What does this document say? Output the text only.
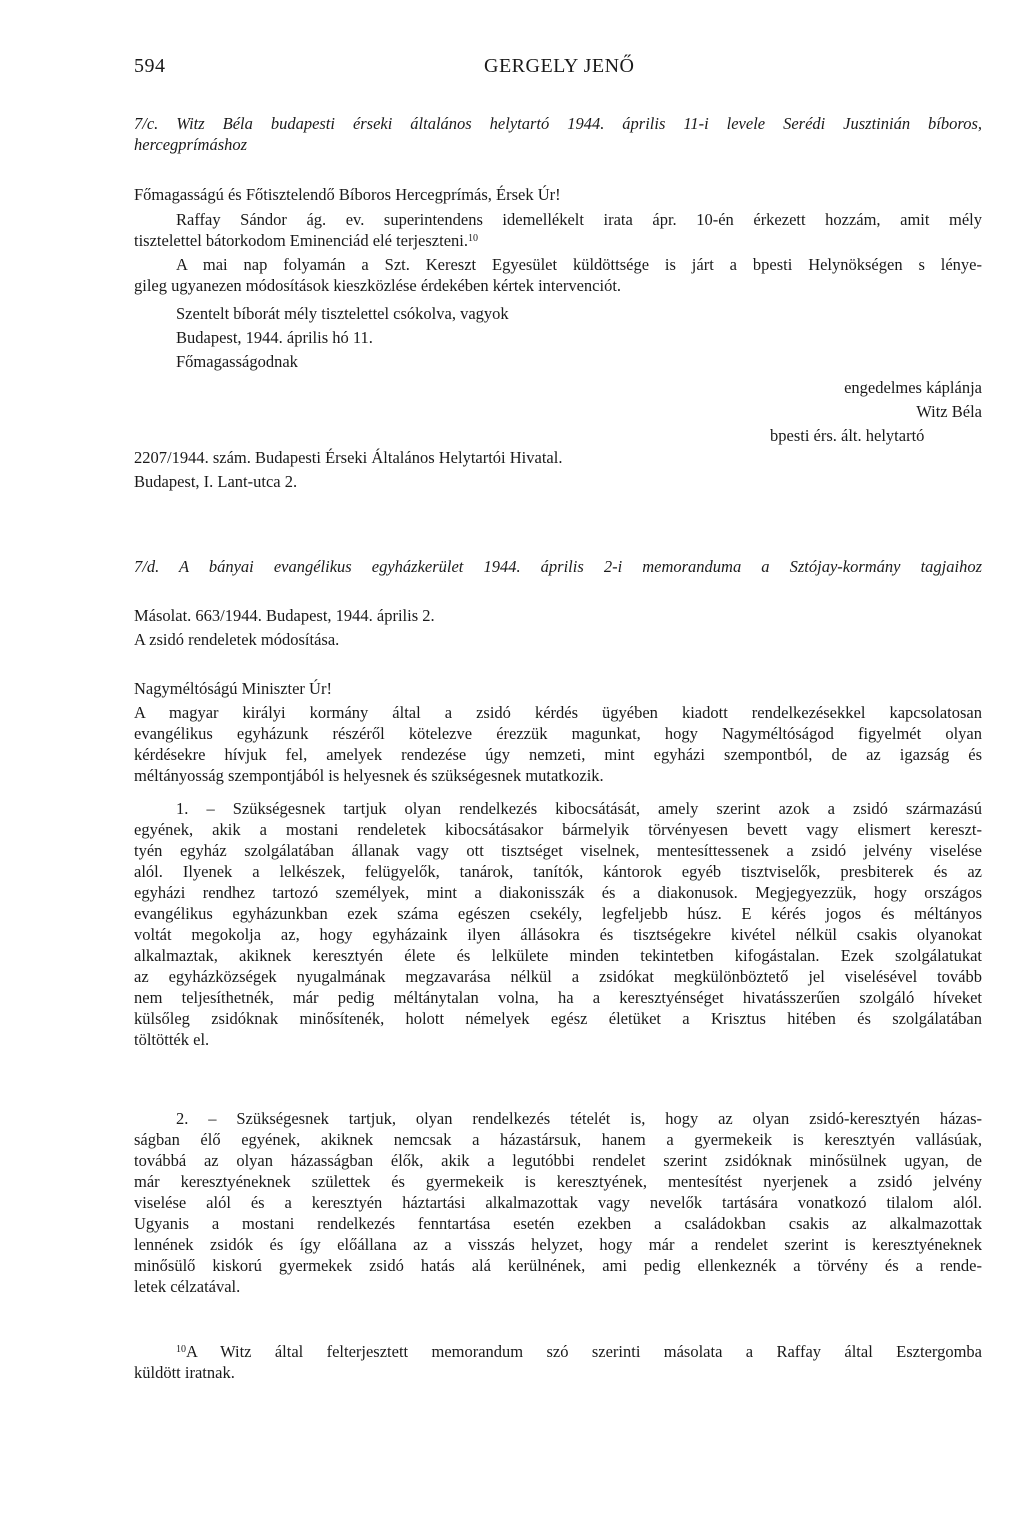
594	GERGELY JENŐ
7/c. Witz Béla budapesti érseki általános helytartó 1944. április 11-i levele Serédi Jusztinián bíboros,
hercegprímáshoz
Főmagasságú és Főtisztelendő Bíboros Hercegprímás, Érsek Úr!
Raffay Sándor ág. ev. superintendens idemellékelt irata ápr. 10-én érkezett hozzám, amit mély
tisztelettel bátorkodom Eminenciád elé terjeszteni.$^{10}$
A mai nap folyamán a Szt. Kereszt Egyesület küldöttsége is járt a bpesti Helynökségen s lénye-
gileg ugyanezen módosítások kieszközlése érdekében kértek intervenciót.
Szentelt bíborát mély tisztelettel csókolva, vagyok
Budapest, 1944. április hó 11.
Főmagasságodnak
engedelmes káplánja
Witz Béla
bpesti érs. ált. helytartó
2207/1944. szám. Budapesti Érseki Általános Helytartói Hivatal.
Budapest, I. Lant-utca 2.
7/d. A bányai evangélikus egyházkerület 1944. április 2-i memoranduma a Sztójay-kormány tagjaihoz
Másolat. 663/1944. Budapest, 1944. április 2.
A zsidó rendeletek módosítása.
Nagyméltóságú Miniszter Úr!
A magyar királyi kormány által a zsidó kérdés ügyében kiadott rendelkezésekkel kapcsolatosan
evangélikus egyházunk részéről kötelezve érezzük magunkat, hogy Nagyméltóságod figyelmét olyan
kérdésekre hívjuk fel, amelyek rendezése úgy nemzeti, mint egyházi szempontból, de az igazság és
méltányosság szempontjából is helyesnek és szükségesnek mutatkozik.
1. – Szükségesnek tartjuk olyan rendelkezés kibocsátását, amely szerint azok a zsidó származású
egyének, akik a mostani rendeletek kibocsátásakor bármelyik törvényesen bevett vagy elismert kereszt-
tyén egyház szolgálatában állanak vagy ott tisztséget viselnek, mentesíttessenek a zsidó jelvény viselése
alól. Ilyenek a lelkészek, felügyelők, tanárok, tanítók, kántorok egyéb tisztviselők, presbiterek és az
egyházi rendhez tartozó személyek, mint a diakonisszák és a diakonusok. Megjegyezzük, hogy országos
evangélikus egyházunkban ezek száma egészen csekély, legfeljebb húsz. E kérés jogos és méltányos
voltát megokolja az, hogy egyházaink ilyen állásokra és tisztségekre kivétel nélkül csakis olyanokat
alkalmaztak, akiknek keresztyén élete és lelkülete minden tekintetben kifogástalan. Ezek szolgálatukat
az egyházközségek nyugalmának megzavarása nélkül a zsidókat megkülönböztető jel viselésével tovább
nem teljesíthetnék, már pedig méltánytalan volna, ha a keresztyénséget hivatásszerűen szolgáló híveket
külsőleg zsidóknak minősítenék, holott némelyek egész életüket a Krisztus hitében és szolgálatában
töltötték el.
2. – Szükségesnek tartjuk, olyan rendelkezés tételét is, hogy az olyan zsidó-keresztyén házas-
ságban élő egyének, akiknek nemcsak a házastársuk, hanem a gyermekeik is keresztyén vallásúak,
továbbá az olyan házasságban élők, akik a legutóbbi rendelet szerint zsidóknak minősülnek ugyan, de
már keresztyéneknek születtek és gyermekeik is keresztyének, mentesítést nyerjenek a zsidó jelvény
viselése alól és a keresztyén háztartási alkalmazottak vagy nevelők tartására vonatkozó tilalom alól.
Ugyanis a mostani rendelkezés fenntartása esetén ezekben a családokban csakis az alkalmazottak
lennének zsidók és így előállana az a visszás helyzet, hogy már a rendelet szerint is keresztyéneknek
minősülő kiskorú gyermekek zsidó hatás alá kerülnének, ami pedig ellenkeznék a törvény és a rende-
letek célzatával.
$^{10}$A Witz által felterjesztett memorandum szó szerinti másolata a Raffay által Esztergomba
küldött iratnak.
